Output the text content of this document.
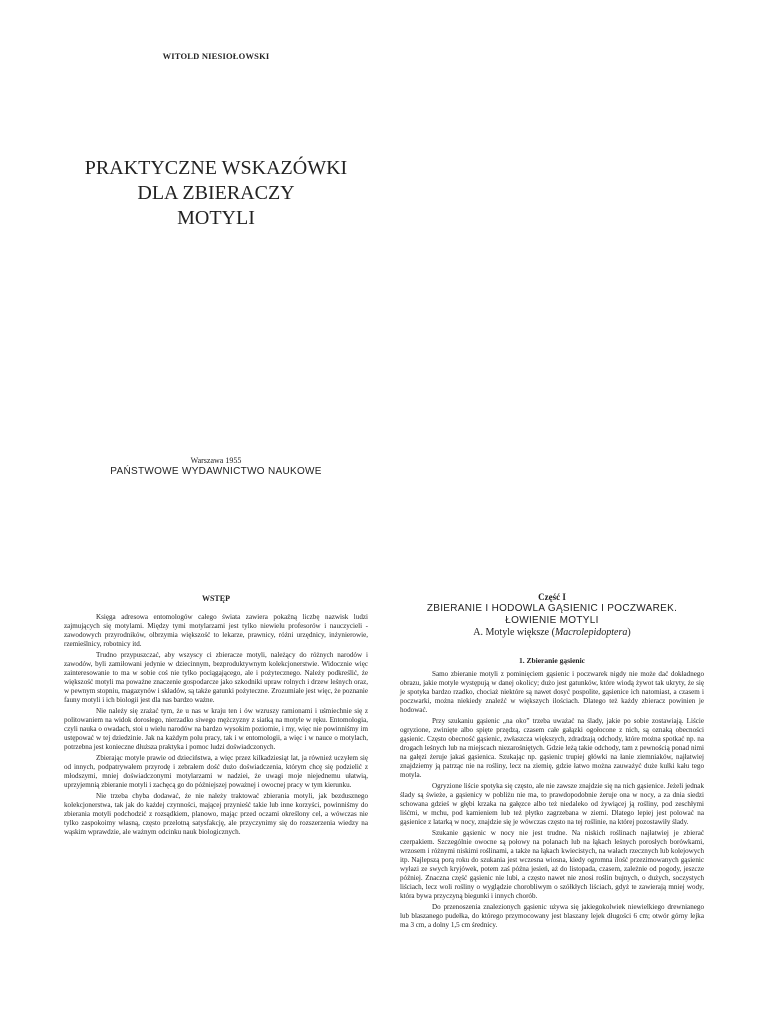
WITOLD NIESIOŁOWSKI
PRAKTYCZNE WSKAZÓWKI
DLA ZBIERACZY
MOTYLI
Warszawa 1955
PAŃSTWOWE WYDAWNICTWO NAUKOWE
WSTĘP

Księga adresowa entomologów całego świata zawiera pokaźną liczbę nazwisk ludzi zajmujących się motylami. Między tymi motylarzami jest tylko niewielu profesorów i nauczycieli - zawodowych przyrodników, olbrzymia większość to lekarze, prawnicy, różni urzędnicy, inżynierowie, rzemieślnicy, robotnicy itd.

Trudno przypuszczać, aby wszyscy ci zbieracze motyli, należący do różnych narodów i zawodów, byli zamiłowani jedynie w dziecinnym, bezproduktywnym kolekcjonerstwie. Widocznie więc zainteresowanie to ma w sobie coś nie tylko pociągającego, ale i pożytecznego. Należy podkreślić, że większość motyli ma poważne znaczenie gospodarcze jako szkodniki upraw rolnych i drzew leśnych oraz, w pewnym stopniu, magazynów i składów, są także gatunki pożyteczne. Zrozumiałe jest więc, że poznanie fauny motyli i ich biologii jest dla nas bardzo ważne.

Nie należy się zrażać tym, że u nas w kraju ten i ów wzruszy ramionami i uśmiechnie się z politowaniem na widok dorosłego, nierzadko siwego mężczyzny z siatką na motyle w ręku. Entomologia, czyli nauka o owadach, stoi u wielu narodów na bardzo wysokim poziomie, i my, więc nie powinniśmy im ustępować w tej dziedzinie. Jak na każdym polu pracy, tak i w entomologii, a więc i w nauce o motylach, potrzebna jest konieczne dłuższa praktyka i pomoc ludzi doświadczonych.

Zbierając motyle prawie od dzieciństwa, a więc przez kilkadziesiąt lat, ja również uczyłem się od innych, podpatrywałem przyrodę i zebrałem dość dużo doświadczenia, którym chcę się podzielić z młodszymi, mniej doświadczonymi motylarzami w nadziei, że uwagi moje niejednemu ułatwią, uprzyjemnią zbieranie motyli i zachęcą go do późniejszej poważnej i owocnej pracy w tym kierunku.

Nie trzeba chyba dodawać, że nie należy traktować zbierania motyli, jak bezdusznego kolekcjonerstwa, tak jak do każdej czynności, mającej przynieść takie lub inne korzyści, powinniśmy do zbierania motyli podchodzić z rozsądkiem, planowo, mając przed oczami określony cel, a wówczas nie tylko zaspokoimy własną, często przelotną satysfakcję, ale przyczynimy się do rozszerzenia wiedzy na wąskim wprawdzie, ale ważnym odcinku nauk biologicznych.

Część I
ZBIERANIE I HODOWLA GĄSIENIC I POCZWAREK.
ŁOWIENIE MOTYLI
A. Motyle większe (Macrolepidoptera)
1. Zbieranie gąsienic

Samo zbieranie motyli z pominięciem gąsienic i poczwarek nigdy nie może dać dokładnego obrazu, jakie motyle występują w danej okolicy; dużo jest gatunków, które wiodą żywot tak ukryty, że się je spotyka bardzo rzadko, chociaż niektóre są nawet dosyć pospolite, gąsienice ich natomiast, a czasem i poczwarki, można niekiedy znaleźć w większych ilościach. Dlatego też każdy zbieracz powinien je hodować.

Przy szukaniu gąsienic „na oko” trzeba uważać na ślady, jakie po sobie zostawiają. Liście ogryzione, zwinięte albo spięte przędzą, czasem całe gałązki ogołocone z nich, są oznaką obecności gąsienic. Często obecność gąsienic, zwłaszcza większych, zdradzają odchody, które można spotkać np. na drogach leśnych lub na miejscach niezarośniętych. Gdzie leżą takie odchody, tam z pewnością ponad nimi na gałęzi żeruje jakaś gąsienica. Szukając np. gąsienic trupiej główki na łanie ziemniaków, najłatwiej znajdziemy ją patrząc nie na rośliny, lecz na ziemię, gdzie łatwo można zauważyć duże kulki kału tego motyla.

Ogryzione liście spotyka się często, ale nie zawsze znajdzie się na nich gąsienice. Jeżeli jednak ślady są świeże, a gąsienicy w pobliżu nie ma, to prawdopodobnie żeruje ona w nocy, a za dnia siedzi schowana gdzieś w głębi krzaka na gałęzce albo też niedaleko od żywiącej ją rośliny, pod zeschłymi liśćmi, w mchu, pod kamieniem lub też płytko zagrzebana w ziemi. Dlatego lepiej jest polować na gąsienice z latarką w nocy, znajdzie się je wówczas często na tej roślinie, na której pozostawiły ślady.

Szukanie gąsienic w nocy nie jest trudne. Na niskich roślinach najłatwiej je zbierać czerpakiem. Szczególnie owocne są połowy na polanach lub na łąkach leśnych porosłych borówkami, wrzosem i różnymi niskimi roślinami, a także na łąkach kwiecistych, na wałach rzecznych lub kolejowych itp. Najlepszą porą roku do szukania jest wczesna wiosna, kiedy ogromna ilość przezimowanych gąsienic wyłazi ze swych kryjówek, potem zaś późna jesień, aż do listopada, czasem, zależnie od pogody, jeszcze później. Znaczna część gąsienic nie lubi, a często nawet nie znosi roślin bujnych, o dużych, soczystych liściach, lecz woli rośliny o wyglądzie chorobliwym o szółkłych liściach, gdyż te zawierają mniej wody, która bywa przyczyną biegunki i innych chorób.

Do przenoszenia znalezionych gąsienic używa się jakiegokolwiek niewielkiego drewnianego lub blaszanego pudełka, do którego przymocowany jest blaszany lejek długości 6 cm; otwór górny lejka ma 3 cm, a dolny 1,5 cm średnicy.
